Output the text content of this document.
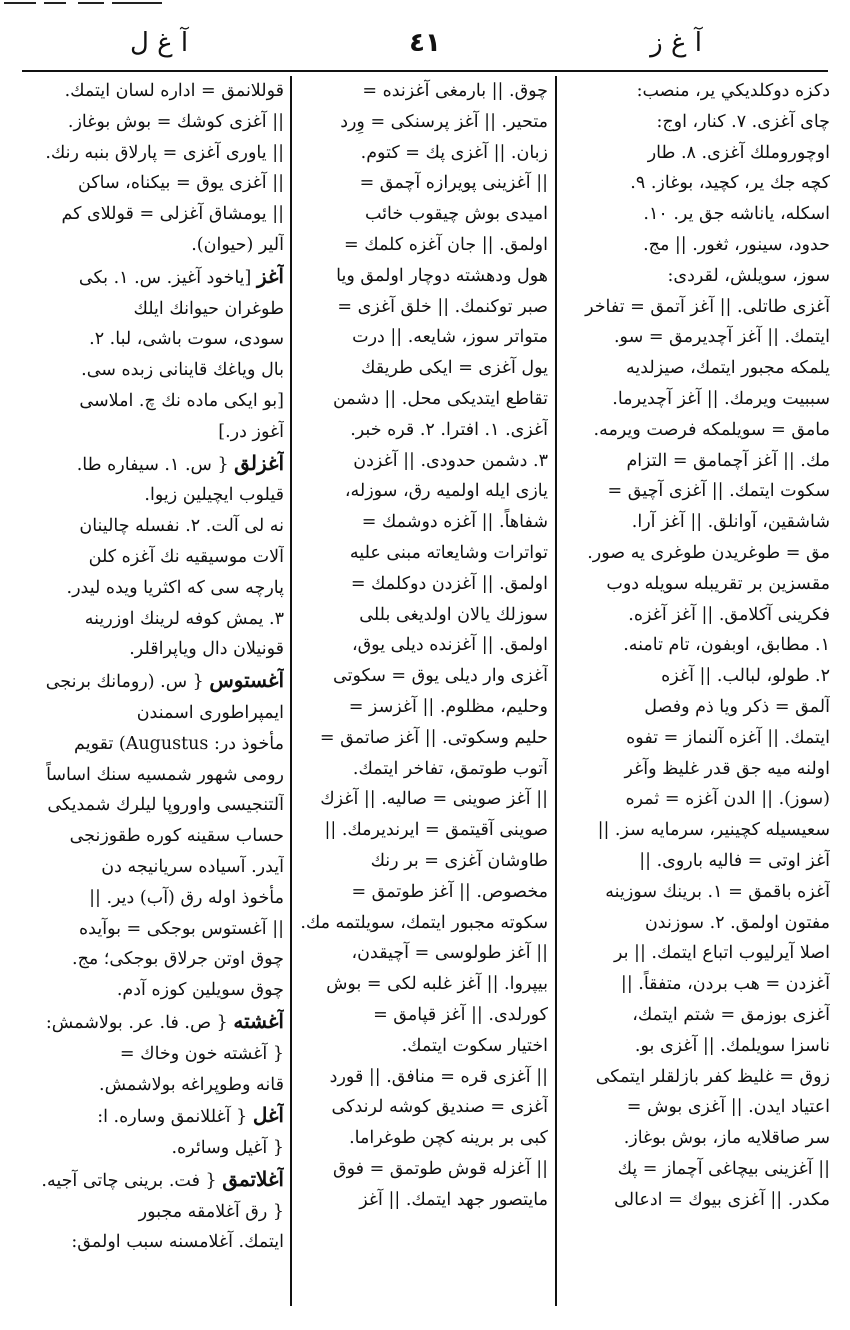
آ غ ل	٤١	آ غ ز
دكزه دوكلديكي ير، منصب:
چاى آغزى. ٧. كنار، اوج:
اوچوروملك آغزى. ٨. طار
كچه جك ير، كچيد، بوغاز. ٩.
اسكله، ياناشه جق ير. ١٠.
حدود، سينور، ثغور. || مج.
سوز، سويلش، لقردى:
آغزى طاتلى. || آغز آتمق = تفاخر
ايتمك. || آغز آچديرمق = سو.
يلمكه مجبور ايتمك، صيزلديه
سببيت ويرمك. || آغز آچديرما.
مامق = سويلمكه فرصت ويرمه.
مك. || آغز آچمامق = التزام
سكوت ايتمك. || آغزى آچيق =
شاشقين، آوانلق. || آغز آرا.
مق = طوغريدن طوغرى يه صور.
مقسزين بر تقريبله سويله دوب
فكرينى آكلامق. || آغز آغزه.
١. مطابق، اوبفون، تام تامنه.
٢. طولو، لبالب. || آغزه
آلمق = ذكر ويا ذم وفصل
ايتمك. || آغزه آلنماز = تفوه
اولنه ميه جق قدر غليظ وآغر
(سوز). || الدن آغزه = ثمره
سعيسيله كچينير، سرمايه سز. ||
آغز اوتى = فاليه باروى. ||
آغزه باقمق = ١. برينك سوزينه
مفتون اولمق. ٢. سوزندن
اصلا آيرليوب اتباع ايتمك. || بر
آغزدن = هب بردن، متفقاً. ||
آغزى بوزمق = شتم ايتمك،
ناسزا سويلمك. || آغزى بو.
زوق = غليظ كفر بازلقلر ايتمكى
اعتياد ايدن. || آغزى بوش =
سر صاقلايه ماز، بوش بوغاز.
|| آغزينى بيچاغى آچماز = پك
مكدر. || آغزى بيوك = ادعالى
چوق. || بارمغى آغزنده =
متحير. || آغز پرسنكى = وِرد
زبان. || آغزى پك = كتوم.
|| آغزينى پويرازه آچمق =
اميدى بوش چيقوب خائب
اولمق. || جان آغزه كلمك =
هول ودهشته دوچار اولمق ويا
صبر توكنمك. || خلق آغزى =
متواتر سوز، شايعه. || درت
يول آغزى = ايكى طريقك
تقاطع ايتديكى محل. || دشمن
آغزى. ١. افترا. ٢. قره خبر.
٣. دشمن حدودى. || آغزدن
يازى ايله اولميه رق، سوزله،
شفاهاً. || آغزه دوشمك =
تواترات وشايعاته مبنى عليه
اولمق. || آغزدن دوكلمك =
سوزلك يالان اولديغى بللى
اولمق. || آغزنده ديلى يوق،
آغزى وار ديلى يوق = سكوتى
وحليم، مظلوم. || آغزسز =
حليم وسكوتى. || آغز صاتمق =
آتوب طوتمق، تفاخر ايتمك.
|| آغز صوينى = صاليه. || آغزك
صوينى آقيتمق = ايرنديرمك. ||
طاوشان آغزى = بر رنك
مخصوص. || آغز طوتمق =
سكوته مجبور ايتمك، سويلتمه مك.
|| آغز طولوسى = آچيقدن،
بيپروا. || آغز غلبه لكى = بوش
كورلدى. || آغز قپامق =
اختيار سكوت ايتمك.
|| آغزى قره = منافق. || قورد
آغزى = صنديق كوشه لرندكى
كبى بر برينه كچن طوغراما.
|| آغزله قوش طوتمق = فوق
مايتصور جهد ايتمك. || آغز
قوللانمق = اداره لسان ايتمك.
|| آغزى كوشك = بوش بوغاز.
|| ياورى آغزى = پارلاق بنبه رنك.
|| آغزى يوق = بيكناه، ساكن
|| يومشاق آغزلى = قوللاى كم
آلير (حيوان).
آغز [ياخود آغيز. س. ١. بكى
طوغران حيوانك ايلك
سودى، سوت باشى، لبا. ٢.
بال وياغك قاينانى زبده سى.
[بو ايكى ماده نك چ. املاسى
آغوز در.]
آغزلق { س. ١. سيفاره طا.
قيلوب ايچيلين زيوا.
نه لى آلت. ٢. نفسله چالينان
آلات موسيقيه نك آغزه كلن
پارچه سى كه اكثريا ويده ليدر.
٣. يمش كوفه لرينك اوزرينه
قونيلان دال وياپراقلر.
آغستوس { س. (رومانك برنجى
ايمپراطورى اسمندن
مأخوذ در: Augustus) تقويم
رومى شهور شمسيه سنك اساساً
آلتنجيسى واوروپا ليلرك شمديكى
حساب سقينه كوره طقوزنجى
آيدر. آسياده سريانيجه دن
مأخوذ اوله رق (آب) دير. ||
|| آغستوس بوجكى = بوآيده
چوق اوتن جرلاق بوجكى؛ مج.
چوق سويلين كوزه آدم.
آغشته { ص. فا. عر. بولاشمش:
{ آغشته خون وخاك =
قانه وطوپراغه بولاشمش.
آغل { آغللانمق وساره. ا:
{ آغيل وسائره.
آغلاتمق { فت. برينى چاتى آجيه.
{ رق آغلامقه مجبور
ايتمك. آغلامسنه سبب اولمق:
